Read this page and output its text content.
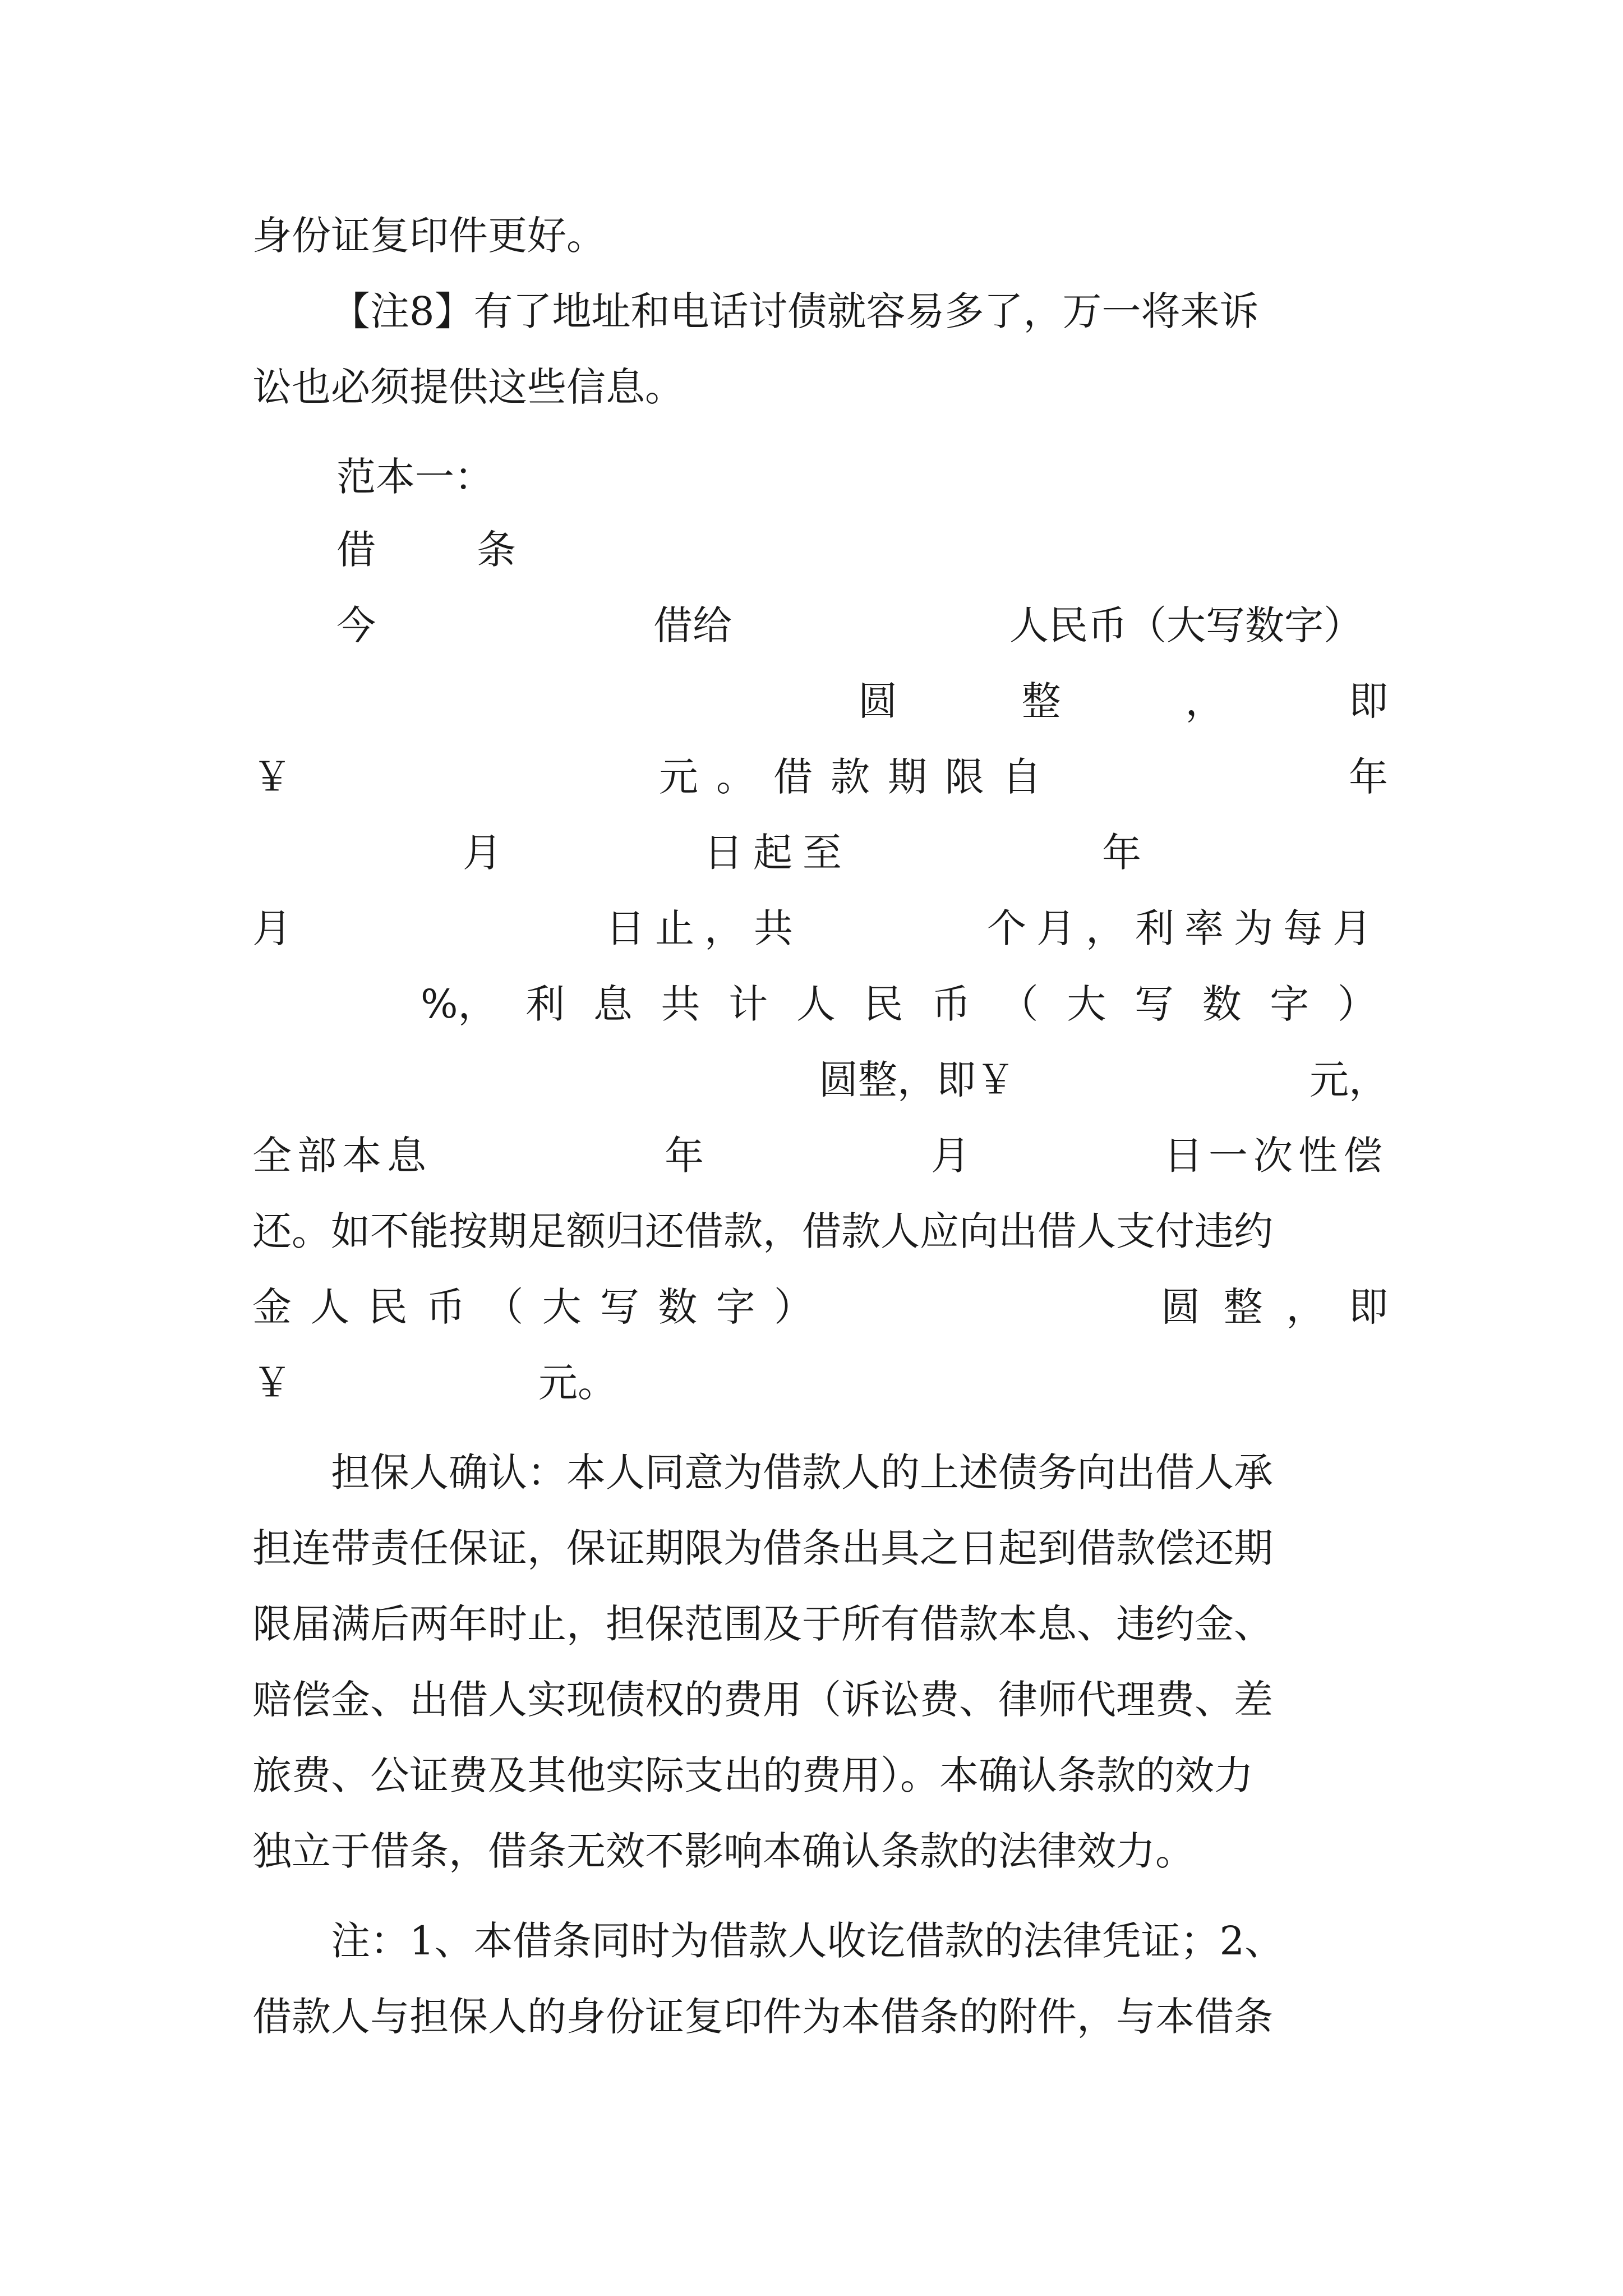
身份证复印件更好。

【注8】有了地址和电话讨债就容易多了，万一将来诉

讼也必须提供这些信息。

范本一：

借	条

今	借给	人民币（大写数字）

圆	整	，	即

￥	元。借款期限自	年

月	日起至	年

月	日止，共	个月，利率为每月

%， 利 息 共 计 人 民 币 （ 大 写 数 字 ）

圆整，即￥	元，

全部本息	年	月	日一次性偿

还。如不能按期足额归还借款，借款人应向出借人支付违约

金 人 民 币 （ 大 写 数 字 ）	圆 整 ， 即

￥	元。

担保人确认：本人同意为借款人的上述债务向出借人承

担连带责任保证，保证期限为借条出具之日起到借款偿还期

限届满后两年时止，担保范围及于所有借款本息、违约金、

赔偿金、出借人实现债权的费用（诉讼费、律师代理费、差

旅费、公证费及其他实际支出的费用）。本确认条款的效力

独立于借条，借条无效不影响本确认条款的法律效力。

注：1、本借条同时为借款人收讫借款的法律凭证；2、

借款人与担保人的身份证复印件为本借条的附件，与本借条
